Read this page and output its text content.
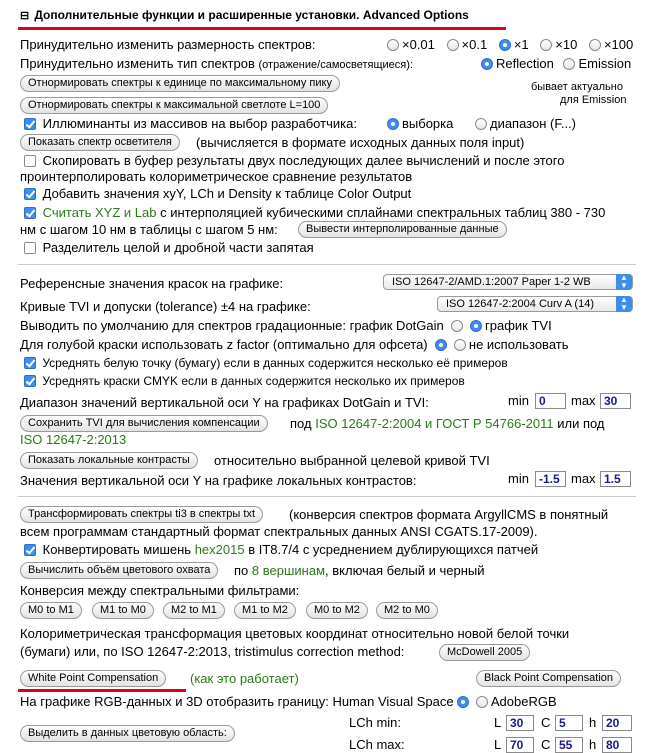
⊟ Дополнительные функции и расширенные установки. Advanced Options
Принудительно изменить размерность спектров:	×0.01 ×0.1 ×1 ×10 ×100
Принудительно изменить тип спектров (отражение/самосветящиеся):	Reflection Emission
Отнормировать спектры к единице по максимальному пику
Отнормировать спектры к максимальной светлоте L=100
бывает актуально
для Emission
Иллюминанты из массивов на выбор разработчика:	выборка	диапазон (F...)
Показать спектр осветителя	(вычисляется в формате исходных данных поля input)
Скопировать в буфер результаты двух последующих далее вычислений и после этого
проинтерполировать колориметрическое сравнение результатов
Добавить значения xyY, LCh и Density к таблице Color Output
Считать XYZ и Lab с интерполяцией кубическими сплайнами спектральных таблиц 380 - 730
нм с шагом 10 нм в таблицы с шагом 5 нм:	Вывести интерполированные данные
Разделитель целой и дробной части запятая
Референсные значения красок на графике:	ISO 12647-2/AMD.1:2007 Paper 1-2 WB	▲
▼
Кривые TVI и допуски (tolerance) ±4 на графике:	ISO 12647-2:2004 Curv A (14)	▲
▼
Выводить по умолчанию для спектров градационные: график DotGain	график TVI
Для голубой краски использовать z factor (оптимально для офсета)	не использовать
Усреднять белую точку (бумагу) если в данных содержится несколько её примеров
Усреднять краски CMYK если в данных содержится несколько их примеров
Диапазон значений вертикальной оси Y на графиках DotGain и TVI:	min 0	max 30
Сохранить TVI для вычисления компенсации	под ISO 12647-2:2004 и ГОСТ Р 54766-2011 или под
ISO 12647-2:2013
Показать локальные контрасты	относительно выбранной целевой кривой TVI
Значения вертикальной оси Y на графике локальных контрастов:	min -1.5 max 1.5
Трансформировать спектры ti3 в спектры txt	(конверсия спектров формата ArgyllCMS в понятный
всем программам стандартный формат спектральных данных ANSI CGATS.17-2009).
Конвертировать мишень hex2015 в IT8.7/4 с усреднением дублирующихся патчей
Вычислить объём цветового охвата	по 8 вершинам, включая белый и черный
Конверсия между спектральными фильтрами:
M0 to M1	M1 to M0	M2 to M1	M1 to M2	M0 to M2	M2 to M0
Колориметрическая трансформация цветовых координат относительно новой белой точки
(бумаги) или, по ISO 12647-2:2013, tristimulus correction method:	McDowell 2005
White Point Compensation	(как это работает)	Black Point Compensation
На графике RGB-данных и 3D отобразить границу: Human Visual Space	AdobeRGB
Выделить в данных цветовую область:
LCh min:	L 30	C 5	h 20
LCh max:	L 70	C 55	h 80
